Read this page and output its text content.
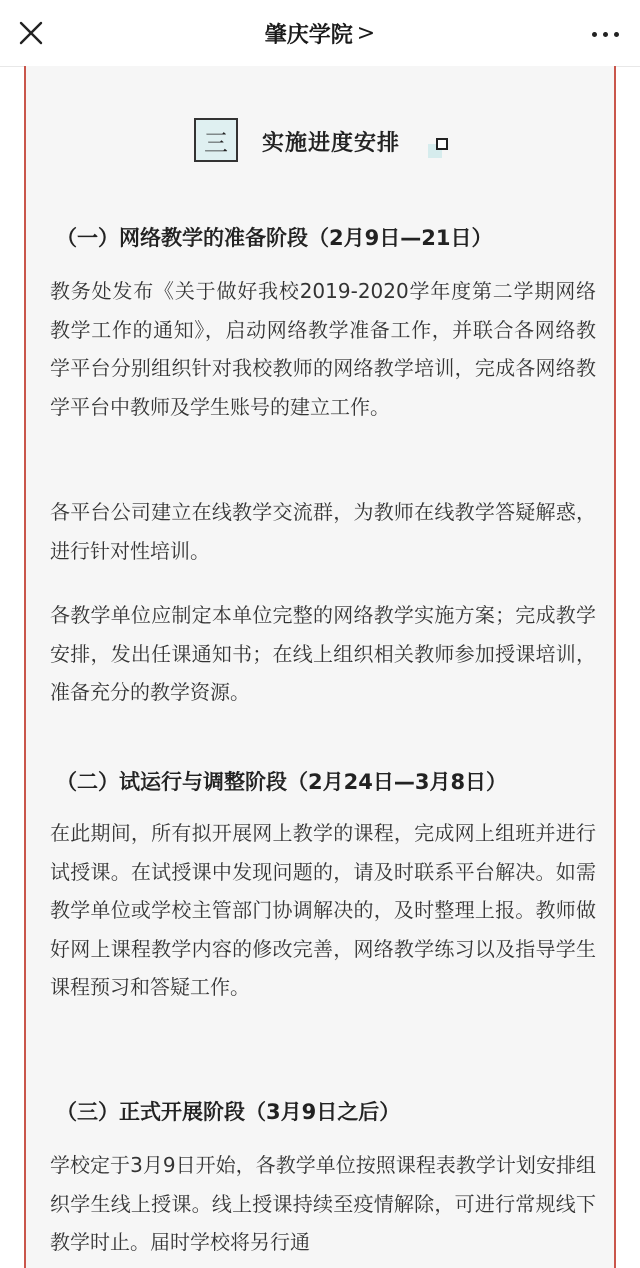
肇庆学院 >
三 实施进度安排
（一）网络教学的准备阶段（2月9日—21日）
教务处发布《关于做好我校2019-2020学年度第二学期网络教学工作的通知》，启动网络教学准备工作，并联合各网络教学平台分别组织针对我校教师的网络教学培训，完成各网络教学平台中教师及学生账号的建立工作。
各平台公司建立在线教学交流群，为教师在线教学答疑解惑，进行针对性培训。
各教学单位应制定本单位完整的网络教学实施方案；完成教学安排，发出任课通知书；在线上组织相关教师参加授课培训，准备充分的教学资源。
（二）试运行与调整阶段（2月24日—3月8日）
在此期间，所有拟开展网上教学的课程，完成网上组班并进行试授课。在试授课中发现问题的，请及时联系平台解决。如需教学单位或学校主管部门协调解决的，及时整理上报。教师做好网上课程教学内容的修改完善，网络教学练习以及指导学生课程预习和答疑工作。
（三）正式开展阶段（3月9日之后）
学校定于3月9日开始，各教学单位按照课程表教学计划安排组织学生线上授课。线上授课持续至疫情解除，可进行常规线下教学时止。届时学校将另行通
